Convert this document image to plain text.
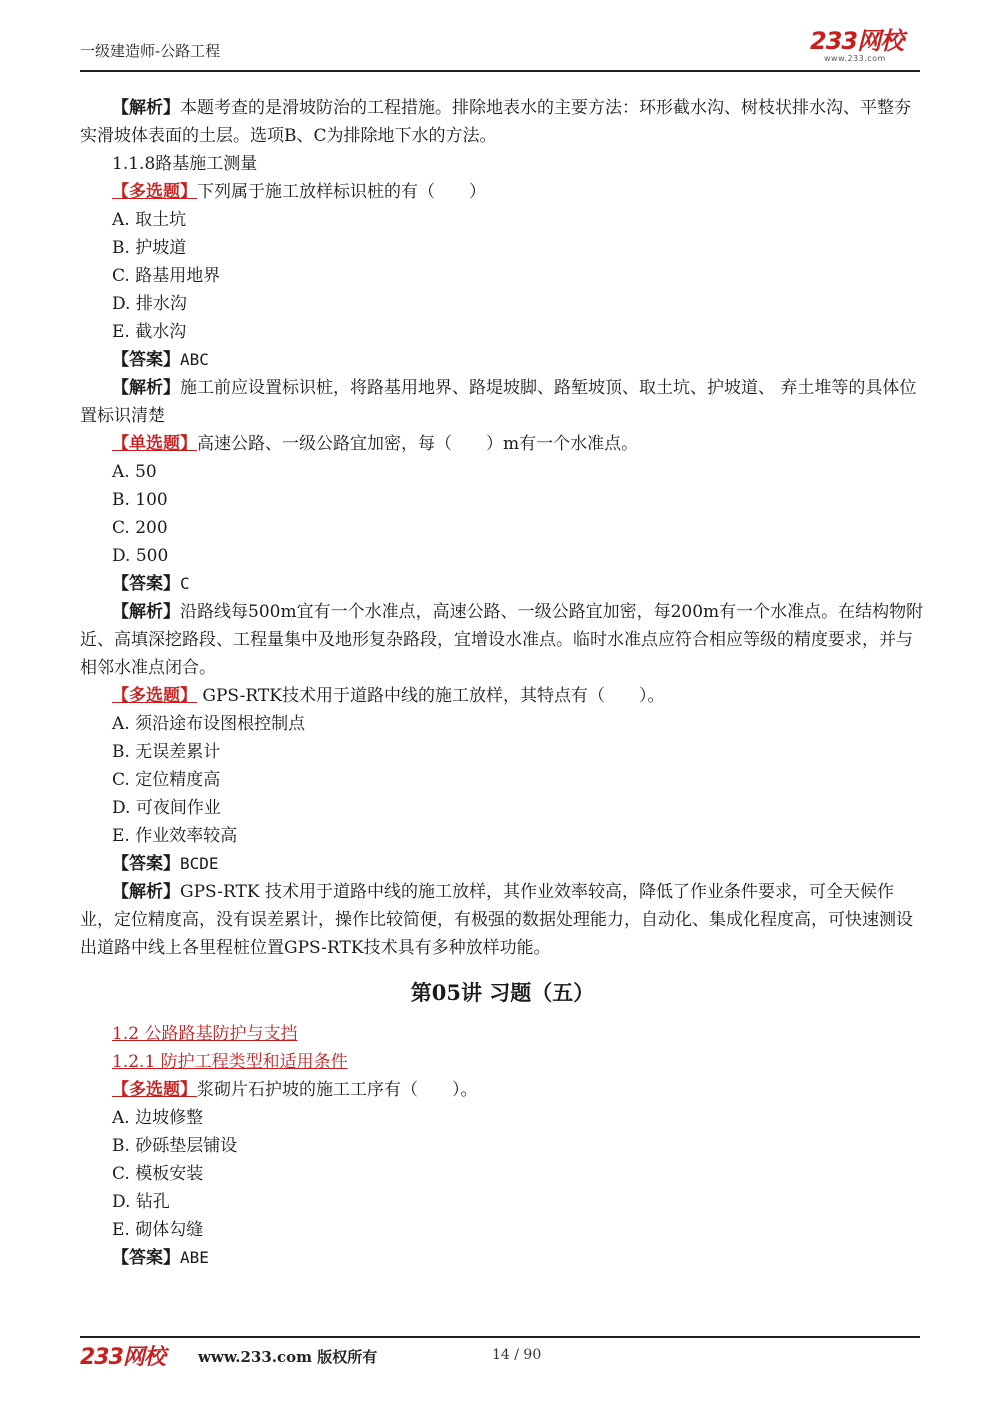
一级建造师-公路工程	233网校
www.233.com

【解析】本题考查的是滑坡防治的工程措施。排除地表水的主要方法：环形截水沟、树枝状排水沟、平整夯实滑坡体表面的土层。选项B、C为排除地下水的方法。

1.1.8路基施工测量

【多选题】下列属于施工放样标识桩的有（　　）

A. 取土坑

B. 护坡道

C. 路基用地界

D. 排水沟

E. 截水沟

【答案】ABC

【解析】施工前应设置标识桩，将路基用地界、路堤坡脚、路堑坡顶、取土坑、护坡道、 弃土堆等的具体位置标识清楚

【单选题】高速公路、一级公路宜加密，每（　　）m有一个水准点。

A. 50

B. 100

C. 200

D. 500

【答案】C

【解析】沿路线每500m宜有一个水准点，高速公路、一级公路宜加密，每200m有一个水准点。在结构物附近、高填深挖路段、工程量集中及地形复杂路段，宜增设水准点。临时水准点应符合相应等级的精度要求，并与相邻水准点闭合。

【多选题】 GPS-RTK技术用于道路中线的施工放样，其特点有（　　）。

A. 须沿途布设图根控制点

B. 无误差累计

C. 定位精度高

D. 可夜间作业

E. 作业效率较高

【答案】BCDE

【解析】GPS-RTK 技术用于道路中线的施工放样，其作业效率较高，降低了作业条件要求，可全天候作业，定位精度高，没有误差累计，操作比较简便，有极强的数据处理能力，自动化、集成化程度高，可快速测设出道路中线上各里程桩位置GPS-RTK技术具有多种放样功能。

第05讲 习题（五）

1.2 公路路基防护与支挡

1.2.1 防护工程类型和适用条件

【多选题】浆砌片石护坡的施工工序有（　　）。

A. 边坡修整

B. 砂砾垫层铺设

C. 模板安装

D. 钻孔

E. 砌体勾缝

【答案】ABE

233网校 www.233.com 版权所有	14 / 90
